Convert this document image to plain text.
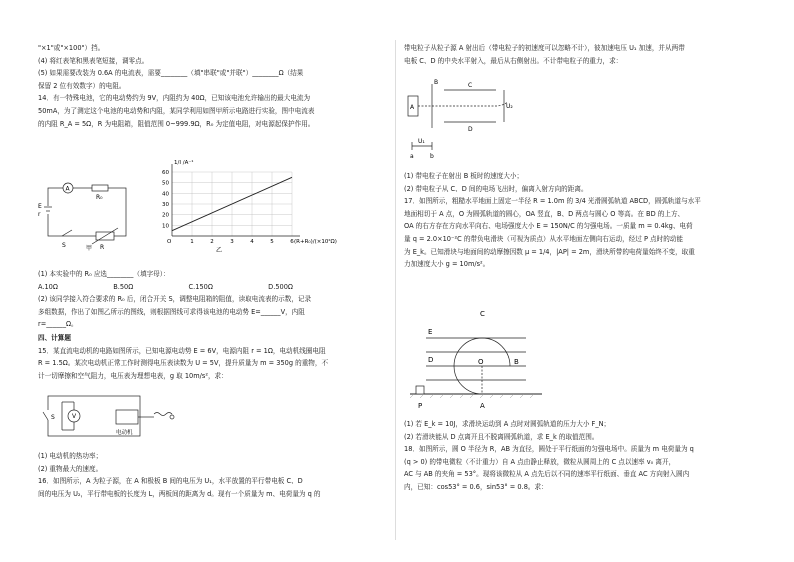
"×1"或"×100"）挡。

(4) 将红表笔和黑表笔短接，调零点。

(5) 如果需要改装为 0.6A 的电流表，需要________（填"串联"或"并联"）________Ω（结果

保留 2 位有效数字）的电阻。

14．有一特殊电池，它的电动势约为 9V，内阻约为 40Ω，已知该电池允许输出的最大电流为

50mA，为了测定这个电池的电动势和内阻，某同学利用如图甲所示电路进行实验，图中电流表

的内阻 R_A = 5Ω，R 为电阻箱，阻值范围 0~999.9Ω，R₀ 为定值电阻，对电源起保护作用。

A
R₀
E
r
S	R
甲
10
20
30
40
50
60
1	2	3	4	5	6
O
1/I /A⁻¹
(R+R₀)/(×10²Ω)
乙

(1) 本实验中的 R₀ 应选________（填字母）：

A.10Ω	B.50Ω	C.150Ω	D.500Ω

(2) 该同学接入符合要求的 R₀ 后，闭合开关 S，调整电阻箱的阻值，读取电流表的示数，记录

多组数据，作出了如图乙所示的图线，则根据图线可求得该电池的电动势 E=______V，内阻

r=______Ω。

四、计算题

15．某直流电动机的电路如图所示，已知电源电动势 E = 6V，电源内阻 r = 1Ω，电动机线圈电阻

R = 1.5Ω。某次电动机正常工作时测得电压表读数为 U = 5V，提升质量为 m = 350g 的重物，不

计一切摩擦和空气阻力，电压表为理想电表，g 取 10m/s²，求：

S	V
电动机

(1) 电动机的热功率；

(2) 重物最大的速度。

16．如图所示，A 为粒子源，在 A 和极板 B 间的电压为 U₁，水平放置的平行带电板 C、D

间的电压为 U₂，平行带电板的长度为 L，两板间的距离为 d。现有一个质量为 m、电荷量为 q 的

带电粒子从粒子源 A 射出后（带电粒子的初速度可以忽略不计），彼加速电压 U₁ 加速，并从两带

电板 C、D 的中央水平射入，最后从右侧射出。不计带电粒子的重力，求：

B	C
D
A	U₂
U₁
a	b

(1) 带电粒子在射出 B 板时的速度大小；

(2) 带电粒子从 C、D 间的电场飞出时，偏离入射方向的距离。

17．如图所示，粗糙水平地面上固定一半径 R = 1.0m 的 3/4 光滑圆弧轨道 ABCD，圆弧轨道与水平

地面相切于 A 点，O 为圆弧轨道的圆心，OA 竖直，B、D 两点与圆心 O 等高。在 BD 的上方、

OA 的右方存在方向水平向右、电场强度大小 E = 150N/C 的匀强电场。一质量 m = 0.4kg、电荷

量 q = 2.0×10⁻²C 的带负电滑块（可视为质点）从水平地面左侧向右运动，经过 P 点时的动能

为 E_k。已知滑块与地面间的动摩擦因数 μ = 1/4，|AP| = 2m，滑块所带的电荷量始终不变，取重

力加速度大小 g = 10m/s²。

C
E
D	O	B
P	A

(1) 若 E_k = 10J，求滑块运动到 A 点时对圆弧轨道的压力大小 F_N；

(2) 若滑块能从 D 点离开且不脱离圆弧轨道，求 E_k 的取值范围。

18．如图所示，圆 O 半径为 R，AB 为直径，圆处于平行纸面的匀强电场中。质量为 m 电荷量为 q

(q > 0) 的带电微粒（不计重力）自 A 点由静止释放，微粒从圆周上的 C 点以速率 v₀ 离开，

AC 与 AB 的夹角 = 53°。现将该微粒从 A 点先后以不同的速率平行纸面、垂直 AC 方向射入圆内

内，已知：cos53° = 0.6，sin53° = 0.8。求：
